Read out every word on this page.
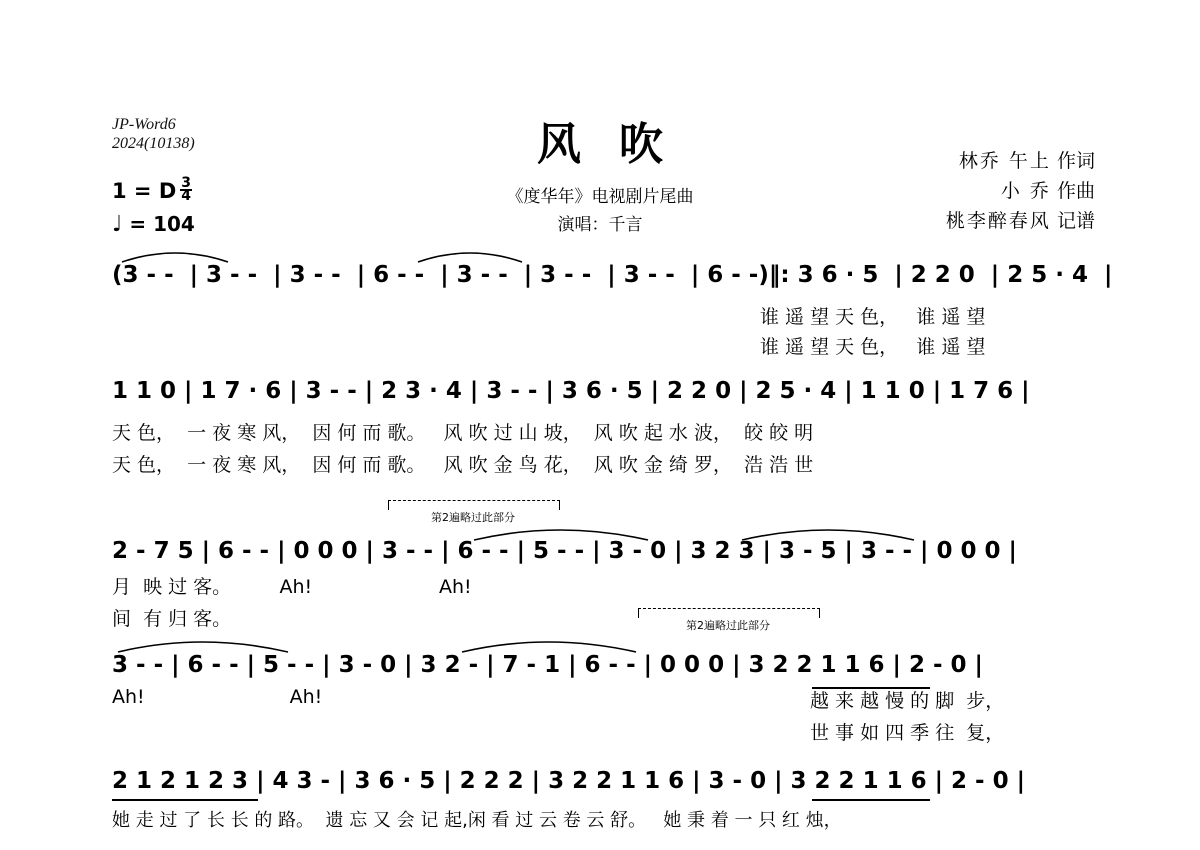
JP-Word6
2024(10138)	风吹
《度华年》电视剧片尾曲
演唱：千言
林乔 午上 作词
小 乔 作曲
桃李醉春风 记谱
1 = D $\frac{3}{4}$
♩ = 104
(3 - -  | 3 - -  | 3 - -  | 6 - -  | 3 - -  | 3 - -  | 3 - -  | 6 - -)‖: 3 6 · 5  | 2 2 0  | 2 5 · 4  |
谁 遥 望 天 色，   谁 遥 望
谁 遥 望 天 色，   谁 遥 望
1 1 0 | 1 7 · 6 | 3 - - | 2 3 · 4 | 3 - - | 3 6 · 5 | 2 2 0 | 2 5 · 4 | 1 1 0 | 1 7 6 |
天 色，  一 夜 寒 风，  因 何 而 歌。   风 吹 过 山 坡，  风 吹 起 水 波，  皎 皎 明
天 色，  一 夜 寒 风，  因 何 而 歌。   风 吹 金 鸟 花，  风 吹 金 绮 罗，  浩 浩 世
2 - 7 5 | 6 - - | 0 0 0 | 3 - - | 6 - - | 5 - - | 3 - 0 | 3 2 3 | 3 - 5 | 3 - - | 0 0 0 |
月  映 过 客。        Ah!                     Ah!
间  有 归 客。
3 - - | 6 - - | 5 - - | 3 - 0 | 3 2 - | 7 - 1 | 6 - - | 0 0 0 | 3 2 2 1 1 6 | 2 - 0 |
Ah!                        Ah!	越 来 越 慢 的 脚  步，
世 事 如 四 季 往  复，
2 1 2 1 2 3 | 4 3 - | 3 6 · 5 | 2 2 2 | 3 2 2 1 1 6 | 3 - 0 | 3 2 2 1 1 6 | 2 - 0 |
她 走 过 了 长 长 的 路。  遗 忘 又 会 记 起,闲 看 过 云 卷 云 舒。   她 秉 着 一 只 红 烛，
第2遍略过此部分
第2遍略过此部分
